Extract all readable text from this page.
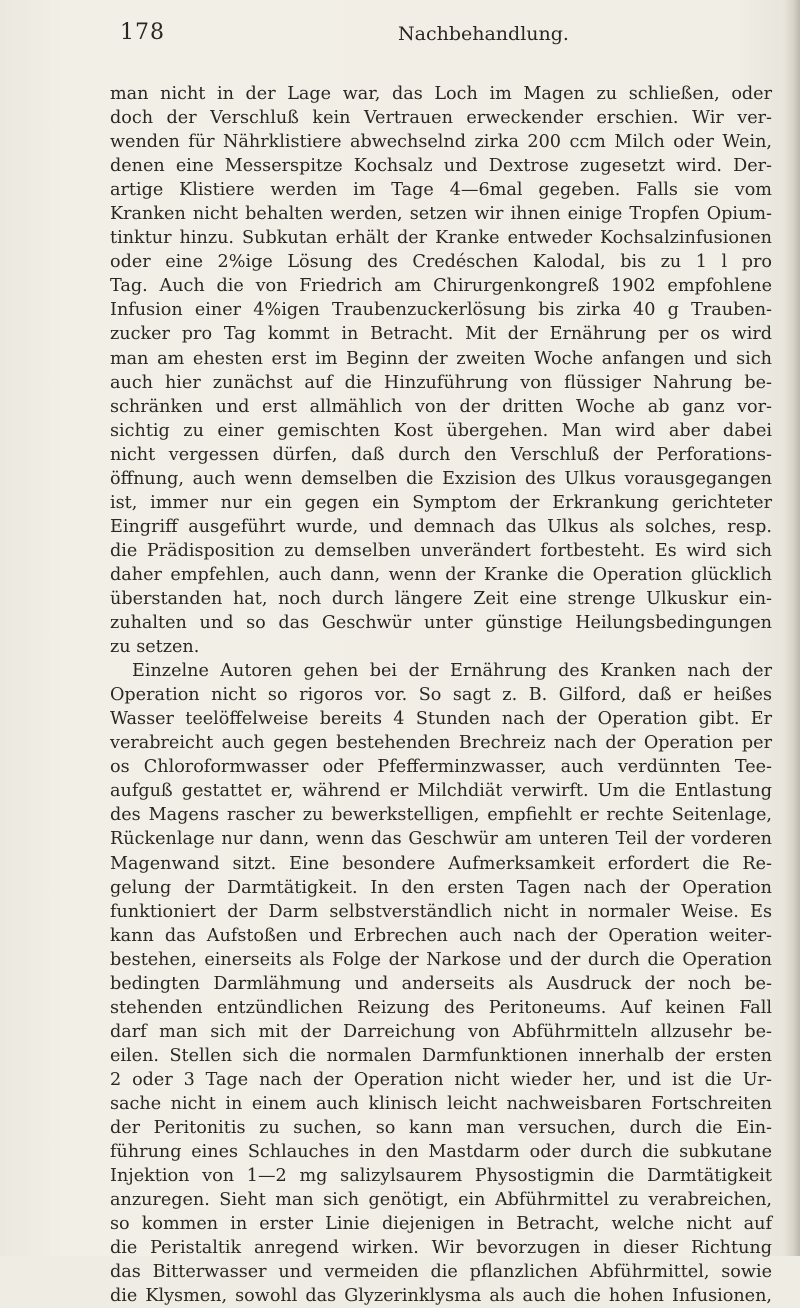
178	Nachbehandlung.
man nicht in der Lage war, das Loch im Magen zu schließen, oder
doch der Verschluß kein Vertrauen erweckender erschien. Wir ver-
wenden für Nährklistiere abwechselnd zirka 200 ccm Milch oder Wein,
denen eine Messerspitze Kochsalz und Dextrose zugesetzt wird. Der-
artige Klistiere werden im Tage 4—6mal gegeben. Falls sie vom
Kranken nicht behalten werden, setzen wir ihnen einige Tropfen Opium-
tinktur hinzu. Subkutan erhält der Kranke entweder Kochsalzinfusionen
oder eine 2%ige Lösung des Credéschen Kalodal, bis zu 1 l pro
Tag. Auch die von Friedrich am Chirurgenkongreß 1902 empfohlene
Infusion einer 4%igen Traubenzuckerlösung bis zirka 40 g Trauben-
zucker pro Tag kommt in Betracht. Mit der Ernährung per os wird
man am ehesten erst im Beginn der zweiten Woche anfangen und sich
auch hier zunächst auf die Hinzuführung von flüssiger Nahrung be-
schränken und erst allmählich von der dritten Woche ab ganz vor-
sichtig zu einer gemischten Kost übergehen. Man wird aber dabei
nicht vergessen dürfen, daß durch den Verschluß der Perforations-
öffnung, auch wenn demselben die Exzision des Ulkus vorausgegangen
ist, immer nur ein gegen ein Symptom der Erkrankung gerichteter
Eingriff ausgeführt wurde, und demnach das Ulkus als solches, resp.
die Prädisposition zu demselben unverändert fortbesteht. Es wird sich
daher empfehlen, auch dann, wenn der Kranke die Operation glücklich
überstanden hat, noch durch längere Zeit eine strenge Ulkuskur ein-
zuhalten und so das Geschwür unter günstige Heilungsbedingungen
zu setzen.
Einzelne Autoren gehen bei der Ernährung des Kranken nach der
Operation nicht so rigoros vor. So sagt z. B. Gilford, daß er heißes
Wasser teelöffelweise bereits 4 Stunden nach der Operation gibt. Er
verabreicht auch gegen bestehenden Brechreiz nach der Operation per
os Chloroformwasser oder Pfefferminzwasser, auch verdünnten Tee-
aufguß gestattet er, während er Milchdiät verwirft. Um die Entlastung
des Magens rascher zu bewerkstelligen, empfiehlt er rechte Seitenlage,
Rückenlage nur dann, wenn das Geschwür am unteren Teil der vorderen
Magenwand sitzt. Eine besondere Aufmerksamkeit erfordert die Re-
gelung der Darmtätigkeit. In den ersten Tagen nach der Operation
funktioniert der Darm selbstverständlich nicht in normaler Weise. Es
kann das Aufstoßen und Erbrechen auch nach der Operation weiter-
bestehen, einerseits als Folge der Narkose und der durch die Operation
bedingten Darmlähmung und anderseits als Ausdruck der noch be-
stehenden entzündlichen Reizung des Peritoneums. Auf keinen Fall
darf man sich mit der Darreichung von Abführmitteln allzusehr be-
eilen. Stellen sich die normalen Darmfunktionen innerhalb der ersten
2 oder 3 Tage nach der Operation nicht wieder her, und ist die Ur-
sache nicht in einem auch klinisch leicht nachweisbaren Fortschreiten
der Peritonitis zu suchen, so kann man versuchen, durch die Ein-
führung eines Schlauches in den Mastdarm oder durch die subkutane
Injektion von 1—2 mg salizylsaurem Physostigmin die Darmtätigkeit
anzuregen. Sieht man sich genötigt, ein Abführmittel zu verabreichen,
so kommen in erster Linie diejenigen in Betracht, welche nicht auf
die Peristaltik anregend wirken. Wir bevorzugen in dieser Richtung
das Bitterwasser und vermeiden die pflanzlichen Abführmittel, sowie
die Klysmen, sowohl das Glyzerinklysma als auch die hohen Infusionen,
